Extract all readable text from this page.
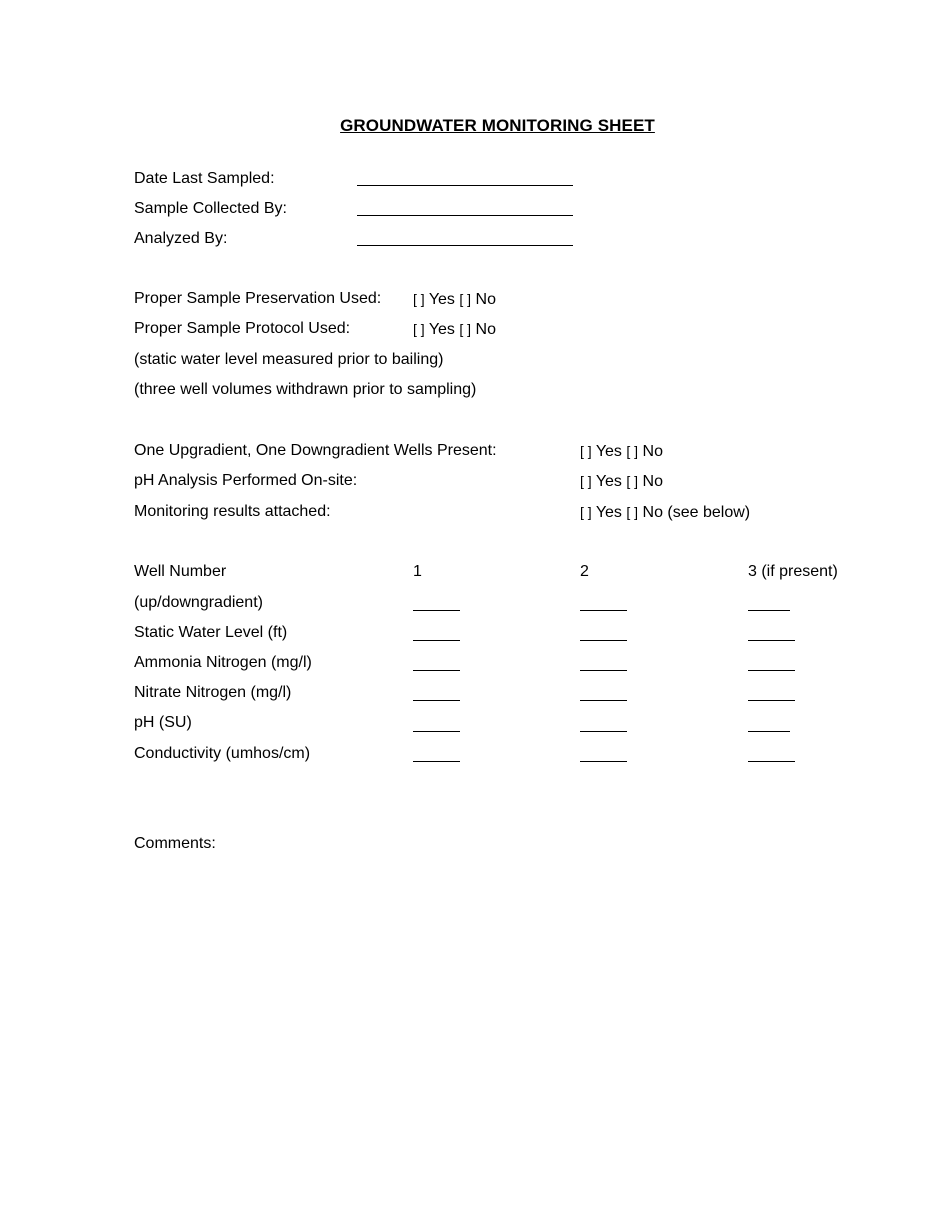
GROUNDWATER MONITORING SHEET
Date Last Sampled:
Sample Collected By:
Analyzed By:
Proper Sample Preservation Used: [ ] Yes [ ] No
Proper Sample Protocol Used:	[ ] Yes [ ] No
(static water level measured prior to bailing)
(three well volumes withdrawn prior to sampling)
One Upgradient, One Downgradient Wells Present:	[ ] Yes [ ] No
pH Analysis Performed On-site:	[ ] Yes [ ] No
Monitoring results attached:	[ ] Yes [ ] No (see below)
Well Number	1	2	3 (if present)
(up/downgradient)
Static Water Level (ft)
Ammonia Nitrogen (mg/l)
Nitrate Nitrogen (mg/l)
pH (SU)
Conductivity (umhos/cm)
Comments:
